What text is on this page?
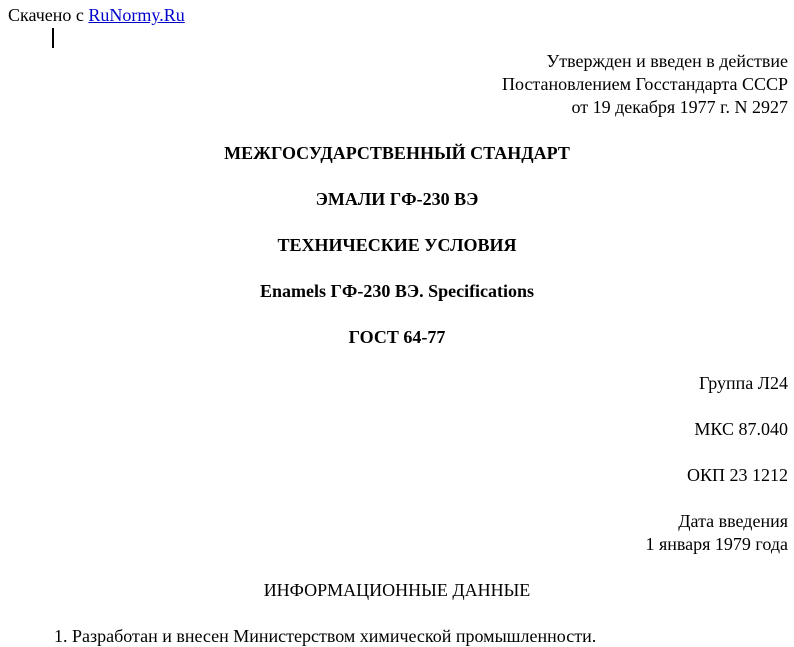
Скачено с RuNormy.Ru
Утвержден и введен в действие
Постановлением Госстандарта СССР
от 19 декабря 1977 г. N 2927
МЕЖГОСУДАРСТВЕННЫЙ СТАНДАРТ
ЭМАЛИ ГФ-230 ВЭ
ТЕХНИЧЕСКИЕ УСЛОВИЯ
Enamels ГФ-230 ВЭ. Specifications
ГОСТ 64-77
Группа Л24
МКС 87.040
ОКП 23 1212
Дата введения
1 января 1979 года
ИНФОРМАЦИОННЫЕ ДАННЫЕ
1. Разработан и внесен Министерством химической промышленности.
